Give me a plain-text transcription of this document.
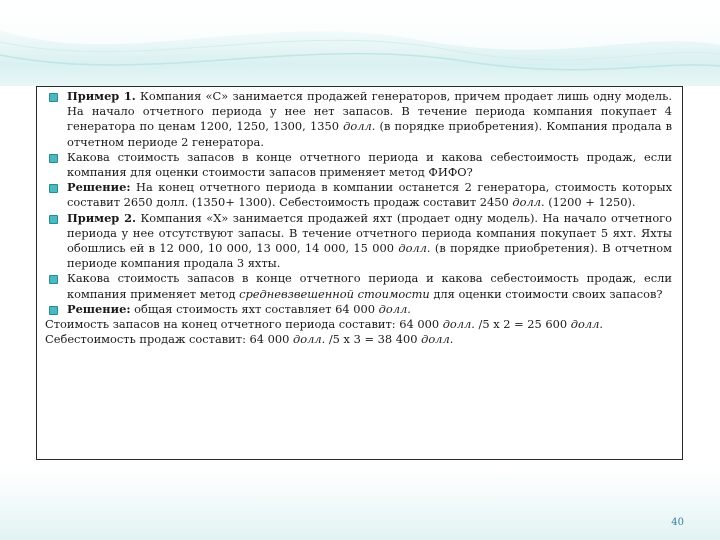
Пример 1. Компания «С» занимается продажей генераторов, причем продает лишь одну модель. На начало отчетного периода у нее нет запасов. В течение периода компания покупает 4 генератора по ценам 1200, 1250, 1300, 1350 долл. (в порядке приобретения). Компания продала в отчетном периоде 2 генератора.
Какова стоимость запасов в конце отчетного периода и какова себестоимость продаж, если компания для оценки стоимости запасов применяет метод ФИФО?
Решение: На конец отчетного периода в компании останется 2 генератора, стоимость которых составит 2650 долл. (1350+ 1300). Себестоимость продаж составит 2450 долл. (1200 + 1250).
Пример 2. Компания «Х» занимается продажей яхт (продает одну модель). На начало отчетного периода у нее отсутствуют запасы. В течение отчетного периода компания покупает 5 яхт. Яхты обошлись ей в 12 000, 10 000, 13 000, 14 000, 15 000 долл. (в порядке приобретения). В отчетном периоде компания продала 3 яхты.
Какова стоимость запасов в конце отчетного периода и какова себестоимость продаж, если компания применяет метод средневзвешенной стоимости для оценки стоимости своих запасов?
Решение: общая стоимость яхт составляет 64 000 долл.
Стоимость запасов на конец отчетного периода составит: 64 000 долл. /5 х 2 = 25 600 долл.
Себестоимость продаж составит: 64 000 долл. /5 х 3 = 38 400 долл.
40
